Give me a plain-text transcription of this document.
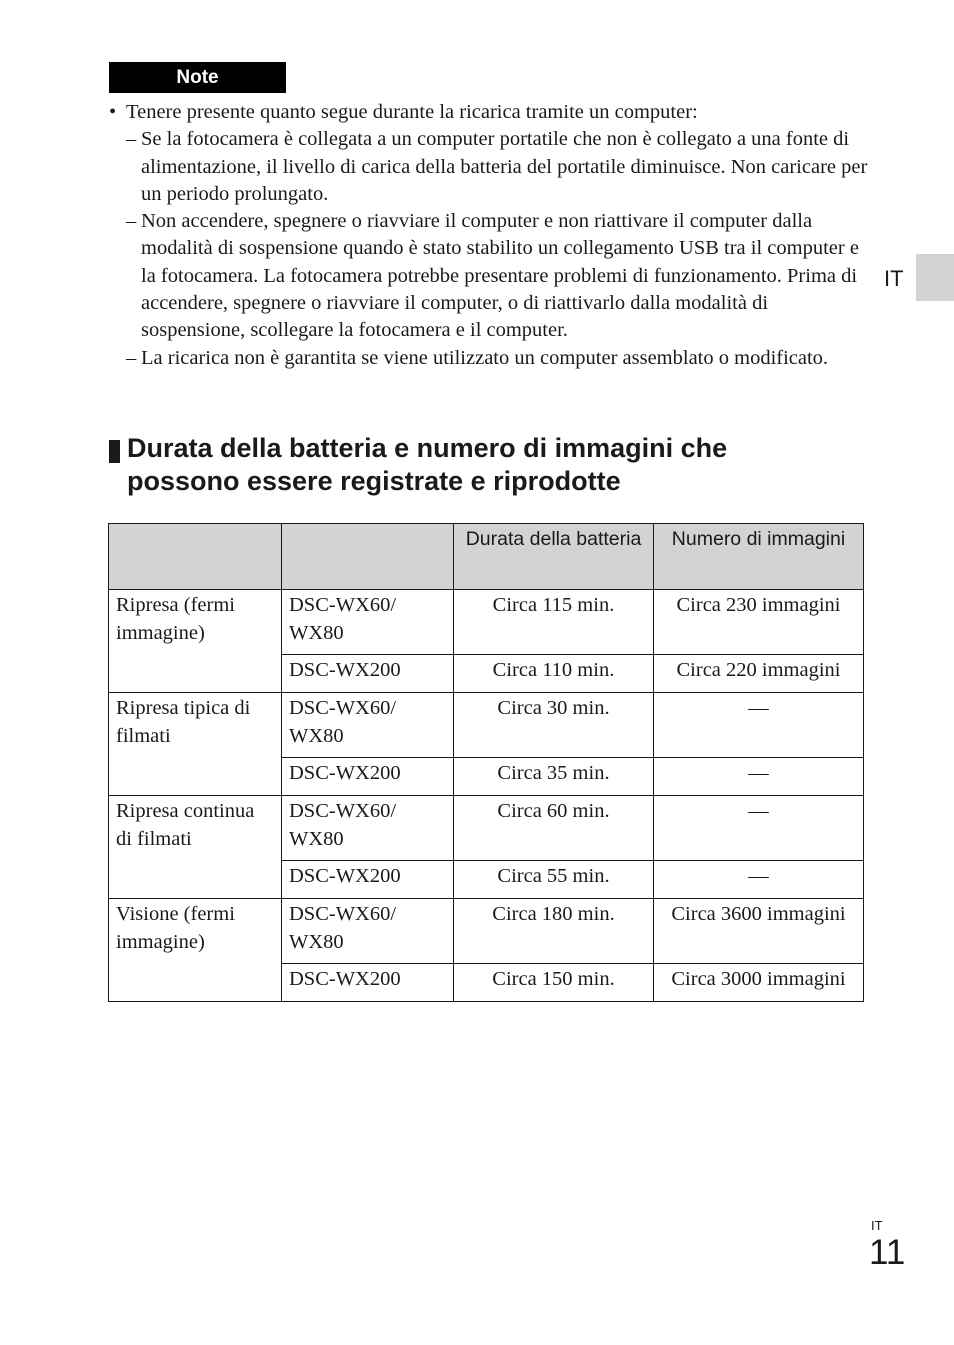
Note
• Tenere presente quanto segue durante la ricarica tramite un computer:
– Se la fotocamera è collegata a un computer portatile che non è collegato a una fonte di alimentazione, il livello di carica della batteria del portatile diminuisce. Non caricare per un periodo prolungato.
– Non accendere, spegnere o riavviare il computer e non riattivare il computer dalla modalità di sospensione quando è stato stabilito un collegamento USB tra il computer e la fotocamera. La fotocamera potrebbe presentare problemi di funzionamento. Prima di accendere, spegnere o riavviare il computer, o di riattivarlo dalla modalità di sospensione, scollegare la fotocamera e il computer.
– La ricarica non è garantita se viene utilizzato un computer assemblato o modificato.
IT
Durata della batteria e numero di immagini che possono essere registrate e riprodotte
		Durata della batteria	Numero di immagini
Ripresa (fermi immagine)	DSC-WX60/ WX80	Circa 115 min.	Circa 230 immagini
	DSC-WX200	Circa 110 min.	Circa 220 immagini
Ripresa tipica di filmati	DSC-WX60/ WX80	Circa 30 min.	—
	DSC-WX200	Circa 35 min.	—
Ripresa continua di filmati	DSC-WX60/ WX80	Circa 60 min.	—
	DSC-WX200	Circa 55 min.	—
Visione (fermi immagine)	DSC-WX60/ WX80	Circa 180 min.	Circa 3600 immagini
	DSC-WX200	Circa 150 min.	Circa 3000 immagini
IT
11
